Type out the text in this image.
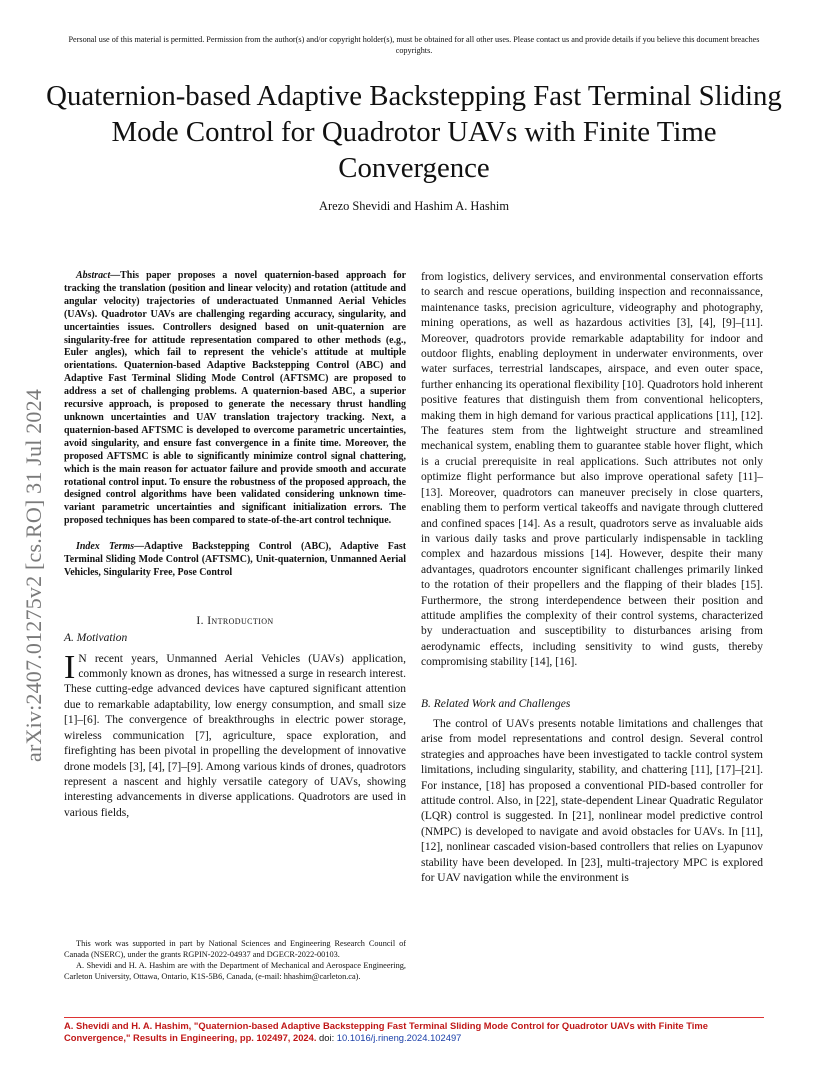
Personal use of this material is permitted. Permission from the author(s) and/or copyright holder(s), must be obtained for all other uses. Please contact us and provide details if you believe this document breaches copyrights.
Quaternion-based Adaptive Backstepping Fast Terminal Sliding Mode Control for Quadrotor UAVs with Finite Time Convergence
Arezo Shevidi and Hashim A. Hashim
arXiv:2407.01275v2 [cs.RO] 31 Jul 2024

Abstract—This paper proposes a novel quaternion-based approach for tracking the translation (position and linear velocity) and rotation (attitude and angular velocity) trajectories of underactuated Unmanned Aerial Vehicles (UAVs). Quadrotor UAVs are challenging regarding accuracy, singularity, and uncertainties issues. Controllers designed based on unit-quaternion are singularity-free for attitude representation compared to other methods (e.g., Euler angles), which fail to represent the vehicle's attitude at multiple orientations. Quaternion-based Adaptive Backstepping Control (ABC) and Adaptive Fast Terminal Sliding Mode Control (AFTSMC) are proposed to address a set of challenging problems. A quaternion-based ABC, a superior recursive approach, is proposed to generate the necessary thrust handling unknown uncertainties and UAV translation trajectory tracking. Next, a quaternion-based AFTSMC is developed to overcome parametric uncertainties, avoid singularity, and ensure fast convergence in a finite time. Moreover, the proposed AFTSMC is able to significantly minimize control signal chattering, which is the main reason for actuator failure and provide smooth and accurate rotational control input. To ensure the robustness of the proposed approach, the designed control algorithms have been validated considering unknown time-variant parametric uncertainties and significant initialization errors. The proposed techniques has been compared to state-of-the-art control technique.

Index Terms—Adaptive Backstepping Control (ABC), Adaptive Fast Terminal Sliding Mode Control (AFTSMC), Unit-quaternion, Unmanned Aerial Vehicles, Singularity Free, Pose Control

I. Introduction
A. Motivation

I N recent years, Unmanned Aerial Vehicles (UAVs) application, commonly known as drones, has witnessed a surge in research interest. These cutting-edge advanced devices have captured significant attention due to remarkable adaptability, low energy consumption, and small size [1]–[6]. The convergence of breakthroughs in electric power storage, wireless communication [7], agriculture, space exploration, and firefighting has been pivotal in propelling the development of innovative drone models [3], [4], [7]–[9]. Among various kinds of drones, quadrotors represent a nascent and highly versatile category of UAVs, showing interesting advancements in diverse applications. Quadrotors are used in various fields,

This work was supported in part by National Sciences and Engineering Research Council of Canada (NSERC), under the grants RGPIN-2022-04937 and DGECR-2022-00103.

A. Shevidi and H. A. Hashim are with the Department of Mechanical and Aerospace Engineering, Carleton University, Ottawa, Ontario, K1S-5B6, Canada, (e-mail: hhashim@carleton.ca).

from logistics, delivery services, and environmental conservation efforts to search and rescue operations, building inspection and reconnaissance, maintenance tasks, precision agriculture, videography and photography, mining operations, as well as hazardous activities [3], [4], [9]–[11]. Moreover, quadrotors provide remarkable adaptability for indoor and outdoor flights, enabling deployment in underwater environments, over water surfaces, terrestrial landscapes, airspace, and even outer space, further enhancing its operational flexibility [10]. Quadrotors hold inherent positive features that distinguish them from conventional helicopters, making them in high demand for various practical applications [11], [12]. The features stem from the lightweight structure and streamlined mechanical system, enabling them to guarantee stable hover flight, which is a crucial prerequisite in real applications. Such attributes not only optimize flight performance but also improve operational safety [11]–[13]. Moreover, quadrotors can maneuver precisely in close quarters, enabling them to perform vertical takeoffs and navigate through cluttered and confined spaces [14]. As a result, quadrotors serve as invaluable aids in various daily tasks and prove particularly indispensable in tackling complex and hazardous missions [14]. However, despite their many advantages, quadrotors encounter significant challenges primarily linked to the rotation of their propellers and the flapping of their blades [15]. Furthermore, the strong interdependence between their position and attitude amplifies the complexity of their control systems, characterized by underactuation and susceptibility to disturbances arising from aerodynamic effects, including sensitivity to wind gusts, thereby compromising stability [14], [16].

B. Related Work and Challenges

The control of UAVs presents notable limitations and challenges that arise from model representations and control design. Several control strategies and approaches have been investigated to tackle control system limitations, including singularity, stability, and chattering [11], [17]–[21]. For instance, [18] has proposed a conventional PID-based controller for attitude control. Also, in [22], state-dependent Linear Quadratic Regulator (LQR) control is suggested. In [21], nonlinear model predictive control (NMPC) is developed to navigate and avoid obstacles for UAVs. In [11], [12], nonlinear cascaded vision-based controllers that relies on Lyapunov stability have been developed. In [23], multi-trajectory MPC is explored for UAV navigation while the environment is

A. Shevidi and H. A. Hashim, "Quaternion-based Adaptive Backstepping Fast Terminal Sliding Mode Control for Quadrotor UAVs with Finite Time Convergence," Results in Engineering, pp. 102497, 2024. doi: 10.1016/j.rineng.2024.102497
